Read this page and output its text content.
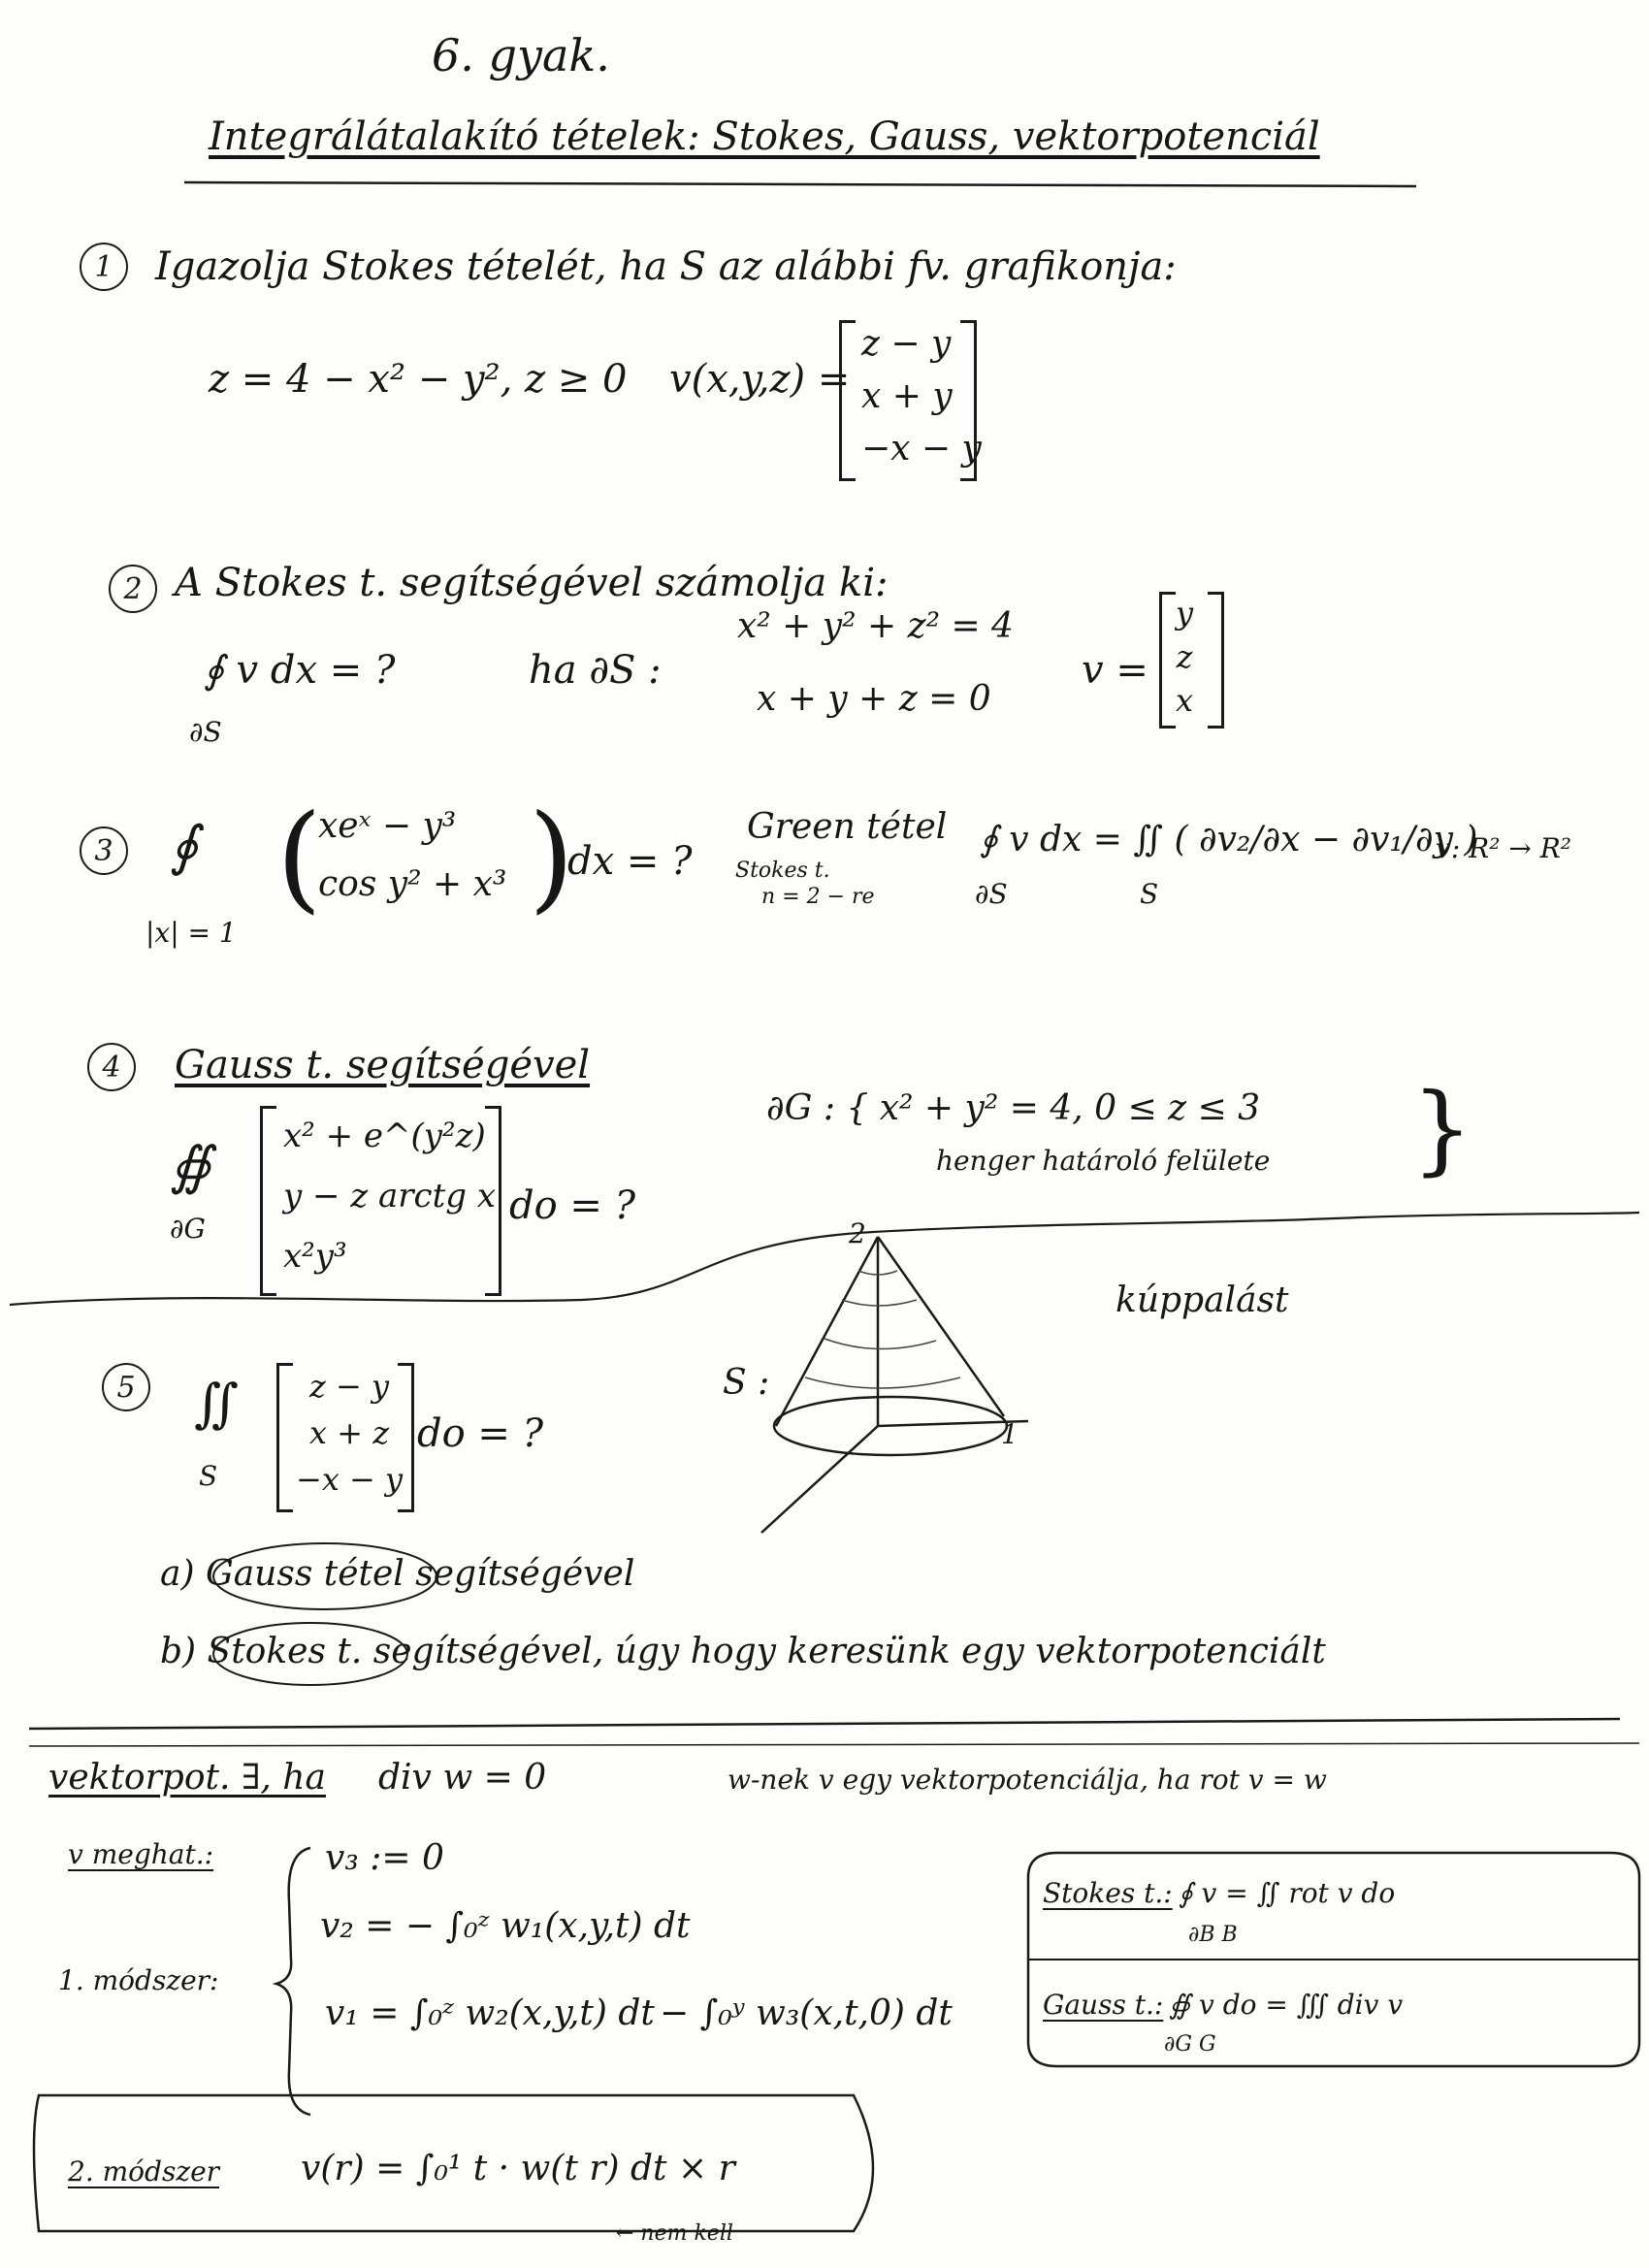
6. gyak.
Integrálátalakító tételek: Stokes, Gauss, vektorpotenciál
1	Igazolja Stokes tételét, ha S az alábbi fv. grafikonja:
z = 4 − x² − y², z ≥ 0 v(x,y,z) =
z − y
x + y
−x − y
2 A Stokes t. segítségével számolja ki:
∮ v dx = ?
∂S
ha ∂S :
x² + y² + z² = 4
x + y + z = 0
v =
y
z
x
3 ∮
|x| = 1
(
xeˣ − y³
cos y² + x³ )
dx = ?
Green tétel
Stokes t.
n = 2 − re
∮ v dx = ∬ ( ∂v₂/∂x − ∂v₁/∂y )
∂S	S
v: R² → R²
4	Gauss t. segítségével
∯
∂G
x² + e^(y²z)
y − z arctg x
x²y³
do = ?
∂G : { x² + y² = 4, 0 ≤ z ≤ 3
henger határoló felülete }
5 ∬
S
z − y
x + z
−x − y
do = ?
S :
2
1
kúppalást
a) Gauss tétel segítségével
b) Stokes t. segítségével, úgy hogy keresünk egy vektorpotenciált
vektorpot. ∃, ha div w = 0	w-nek v egy vektorpotenciálja, ha rot v = w
v meghat.:
1. módszer:
v₃ := 0
v₂ = − ∫₀ᶻ w₁(x,y,t) dt
v₁ = ∫₀ᶻ w₂(x,y,t) dt − ∫₀ʸ w₃(x,t,0) dt
Stokes t.: ∮ v = ∬ rot v do
∂B B
Gauss t.: ∯ v do = ∭ div v
∂G G
2. módszer v(r) = ∫₀¹ t · w(t r) dt × r
← nem kell
